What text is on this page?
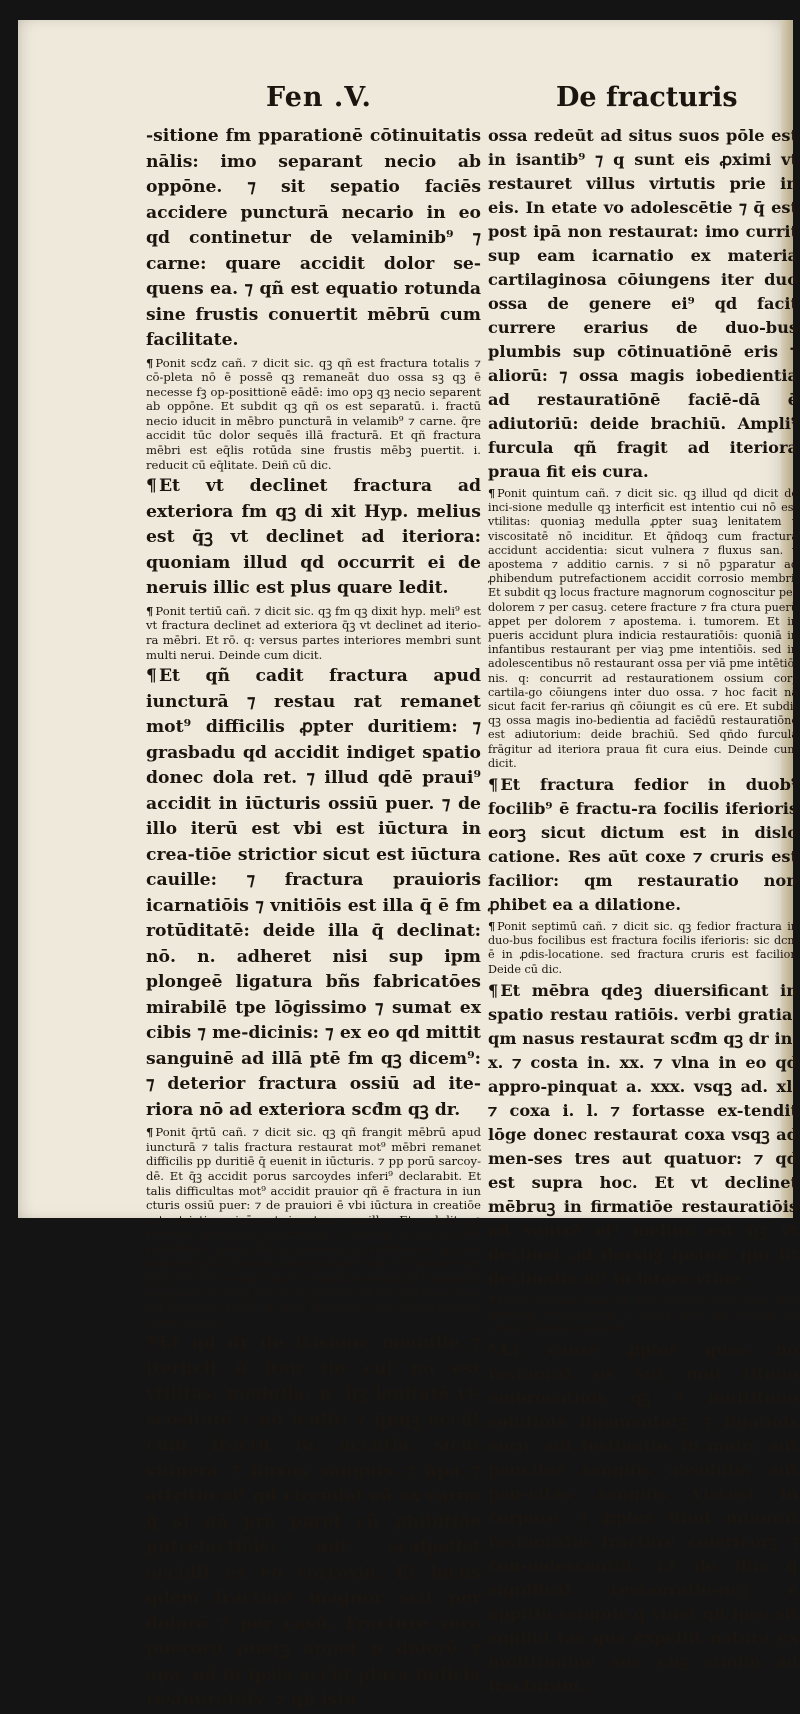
Fen .V.	De fracturis

-sitione fm pparationē cōtinuitatis nālis: imo separant necio ab oppōne. ⁊ sit sepatio faciēs accidere puncturā necario in eo qd continetur de velaminib⁹ ⁊ carne: quare accidit dolor se-quens ea. ⁊ qñ est equatio rotunda sine frustis conuertit mēbrū cum facilitate.

¶ Ponit scđz cañ. ⁊ dicit sic. qꝫ qñ est fractura totalis ⁊ cō-pleta nō ē possē qꝫ remaneāt duo ossa sꝫ qꝫ ē necesse fꝫ op-posittionē eādē: imo opꝫ qꝫ necio separent ab oppōne. Et subdit qꝫ qñ os est separatū. i. fractū necio iducit in mēbro puncturā in velamib⁹ ⁊ carne. q̄re accidit tūc dolor sequēs illā fracturā. Et qñ fractura mēbri est eq̄lis rotūda sine frustis mēbꝫ puertit. i. reducit cū eq̄litate. Deiñ cū dic.

¶ Et vt declinet fractura ad exteriora fm qꝫ di xit Hyp. melius est q̄ꝫ vt declinet ad iteriora: quoniam illud qd occurrit ei de neruis illic est plus quare ledit.

¶ Ponit tertiū cañ. ⁊ dicit sic. qꝫ fm qꝫ dixit hyp. meli⁹ est vt fractura declinet ad exteriora q̄ꝫ vt declinet ad iterio-ra mēbri. Et rō. q: versus partes interiores membri sunt multi nerui. Deinde cum dicit.

¶ Et qñ cadit fractura apud iuncturā ⁊ restau rat remanet mot⁹ difficilis ꝓpter duritiem: ⁊ grasbadu qd accidit indiget spatio donec dola ret. ⁊ illud qdē praui⁹ accidit in iūcturis ossiū puer. ⁊ de illo iterū est vbi est iūctura in crea-tiōe strictior sicut est iūctura cauille: ⁊ fractura prauioris icarnatiōis ⁊ vnitiōis est illa q̄ ē fm rotūditatē: deide illa q̄ declinat: nō. n. adheret nisi sup ipm plongeē ligatura bñs fabricatōes mirabilē tpe lōgissimo ⁊ sumat ex cibis ⁊ me-dicinis: ⁊ ex eo qd mittit sanguinē ad illā ptē fm qꝫ dicem⁹: ⁊ deterior fractura ossiū ad ite-riora nō ad exteriora scđm qꝫ dr.

¶ Ponit q̄rtū cañ. ⁊ dicit sic. qꝫ qñ frangit mēbrū apud iuncturā ⁊ talis fractura restaurat mot⁹ mēbri remanet difficilis pp duritiē q̄ euenit in iūcturis. ⁊ pp porū sarcoy-dē. Et q̄ꝫ accidit porus sarcoydes inferi⁹ declarabit. Et talis difficultas mot⁹ accidit prauior qñ ē fractura in iun cturis ossiū puer: ⁊ de prauiori ē vbi iūctura in creatiōe est strictior sicē est iunctura cauille. Et subdit qꝫ fractura prauioris incarnatiōis ⁊ vnitiōis ē illa q̄ ē fm rotūditatē: deide illa qꝫ declinat ad rotūditatē: qñ non adheret talis fractura nisi prolōgeē sup ea ligatura tpe lōgo. Et nisi su-mat cibos ⁊ medicias necias q̄ trāsmittūt sanguinē ad il-laꝫ ptē fm qꝫ dixim⁹. Et illa fractura ossiū est deterior q̄ est ad ptes iteriores ⁊ nō ad exteriores. Deide cū dic.

¶ Et qd dr de icisione medulle ⁊ iterficit ē iten tio cui nō est vtilitas: medulla. n. hꝫ lenitatē vi-scositatē ⁊ nō icidit: ⁊ q̄ñqꝫ accñt cum fractu ra accñtia sicut vulnera ⁊ fluxus sanguis ⁊ apa ⁊ attritio ei⁹ qd circūdat eā ex carne q̄ si nō pre paret cū ꝓhibitiōe putrefactiōis: aut scalpellet accidit ex eo corrosio. Et locus qdem fracture magnor scit per dolorē ⁊ per casū. Fracture vero puerorū puerꝫ appet p dolorē ⁊ apa. nā in ipsis accñt plura indicia restauratōis. ⁊ qñ ista

ossa redeūt ad situs suos pōle est in isantib⁹ ⁊ q sunt eis ꝓximi vt restauret villus virtutis prie in eis. In etate vo adolescētie ⁊ q̄ est post ipā non restaurat: imo currit sup eam icarnatio ex materia cartilaginosa cōiungens iter duo ossa de genere ei⁹ qd facit currere erarius de duo-bus plumbis sup cōtinuatiōnē eris ⁊ aliorū: ⁊ ossa magis iobedientia ad restauratiōnē faciē-dā ē adiutoriū: deide brachiū. Ampli⁹ furcula qñ fragit ad iteriora praua fit eis cura.

¶ Ponit quintum cañ. ⁊ dicit sic. qꝫ illud qd dicit de inci-sione medulle qꝫ interficit est intentio cui nō est vtilitas: quoniaꝫ medulla ꝓpter suaꝫ lenitatem ⁊ viscositatē nō inciditur. Et q̄ñdoqꝫ cum fractura accidunt accidentia: sicut vulnera ⁊ fluxus san. ⁊ apostema ⁊ additio carnis. ⁊ si nō pꝫparatur ad ꝓhibendum putrefactionem accidit corrosio membri. Et subdit qꝫ locus fracture magnorum cognoscitur per dolorem ⁊ per casuꝫ. cetere fracture ⁊ fra ctura puerū appet per dolorem ⁊ apostema. i. tumorem. Et in pueris accidunt plura indicia restauratiōis: quoniā in infantibus restaurant per viaꝫ pme intentiōis. sed in adolescentibus nō restaurant ossa per viā pme intētiō-nis. q: concurrit ad restaurationem ossium corꝫ cartila-go cōiungens inter duo ossa. ⁊ hoc facit nā sicut facit fer-rarius qñ cōiungit es cū ere. Et subdit qꝫ ossa magis ino-bedientia ad faciēdū restauratiōnē est adiutorium: deide brachiū. Sed qñdo furcula frāgitur ad iteriora praua fit cura eius. Deinde cum dicit.

¶ Et fractura fedior in duob⁹ focilib⁹ ē fractu-ra focilis iferioris eorꝫ sicut dictum est in dislo catione. Res aūt coxe ⁊ cruris est facilior: qm restauratio non ꝓhibet ea a dilatione.

¶ Ponit septimū cañ. ⁊ dicit sic. qꝫ fedior fractura in duo-bus focilibus est fractura focilis iferioris: sic dcm ē in ꝓdis-locatione. sed fractura cruris est facilior. Deide cū dic.

¶ Et mēbra qdeꝫ diuersificant in spatio restau ratiōis. verbi gratia. qm nasus restaurat scđm qꝫ dr in. x. ⁊ costa in. xx. ⁊ vlna in eo qd appro-pinquat a. xxx. vsqꝫ ad. xl. ⁊ coxa i. l. ⁊ fortasse ex-tendit lōge donec restaurat coxa vsqꝫ ad men-ses tres aut quatuor: ⁊ qd est supra hoc. Et vt declinet mēbruꝫ in firmatiōe restauratiōis ad ventrē ei⁹ melius est q̄ꝫ vt declinet ad dorsuꝫ ipsius: qm fit declinatio ei⁹ in latere vtine.

¶ Ponit octauum cano. in quo ostendit scđm quot dies membra restaurantur. ⁊ quod dicit est notum ad litterā. Deinde cum dicit.

¶ Et cause ꝓpter quas nō restaurat os sūt mul titudo embrocatiōis qꝫ ⁊ multitudo solutiōis ligamentorꝫ ⁊ ligatiōis eorū: aut festinatio. in motu: aut paucitas sanguis absolute: aut pau-citas sanguis viscosi in corpore: ⁊ ꝓpter illud minorat restauratio fracture colericorꝫ ⁊ con-ualescentiū. Et de illis q̄ significāt restauratio-neꝫ ē appitio sanguis q̄ videt qñ ipse sit supflui tas quā expellit natura ex multitudine sua cuꝫ studio ad fracturam.
